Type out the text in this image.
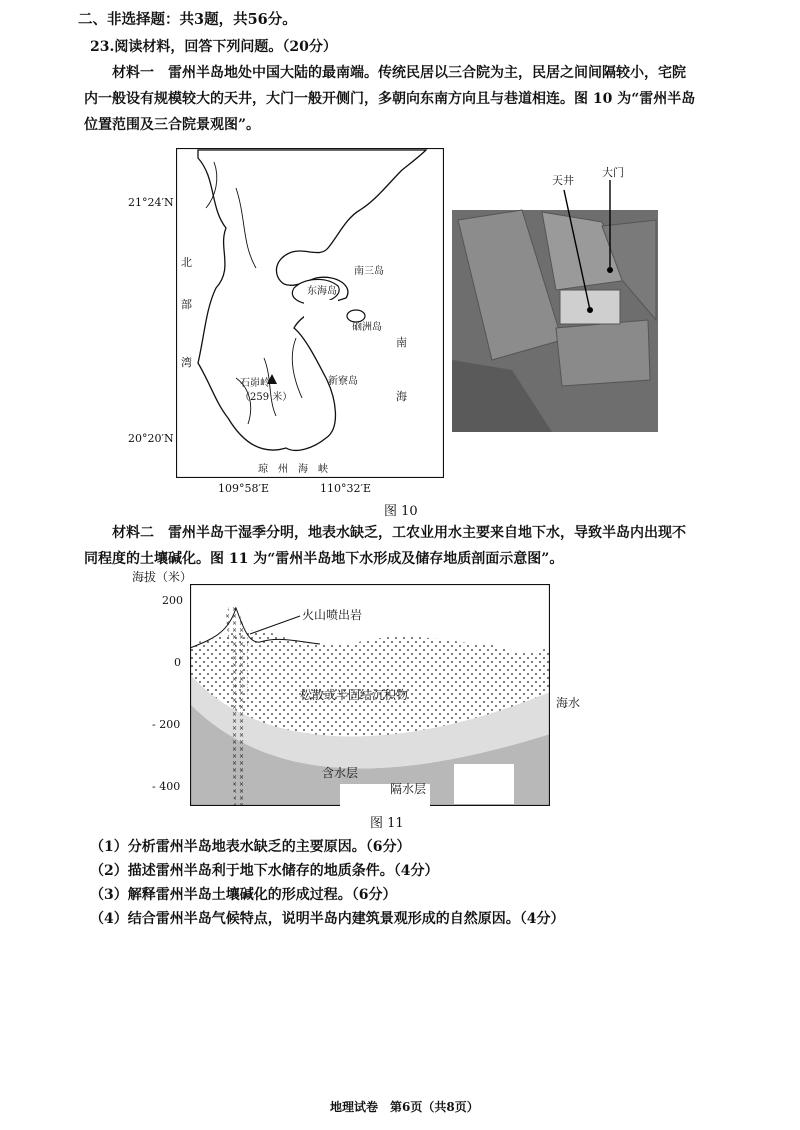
二、非选择题：共3题，共56分。
23.阅读材料，回答下列问题。（20分）
材料一　雷州半岛地处中国大陆的最南端。传统民居以三合院为主，民居之间间隔较小，宅院
内一般设有规模较大的天井，大门一般开侧门，多朝向东南方向且与巷道相连。图 10 为“雷州半岛
位置范围及三合院景观图”。
21°24′N
20°20′N
109°58′E	110°32′E
北
部
湾
南
海
南三岛
东海岛
硇洲岛
新寮岛
石峁岭
（259 米）
琼　州　海　峡
天井
大门
图 10
材料二　雷州半岛干湿季分明，地表水缺乏，工农业用水主要来自地下水，导致半岛内出现不
同程度的土壤碱化。图 11 为“雷州半岛地下水形成及储存地质剖面示意图”。
海拔（米）
200
0
- 200
- 400
火山喷出岩
松散或半固结沉积物
海水
含水层
隔水层
图 11
（1）分析雷州半岛地表水缺乏的主要原因。（6分）
（2）描述雷州半岛利于地下水储存的地质条件。（4分）
（3）解释雷州半岛土壤碱化的形成过程。（6分）
（4）结合雷州半岛气候特点，说明半岛内建筑景观形成的自然原因。（4分）
地理试卷　第6页（共8页）
